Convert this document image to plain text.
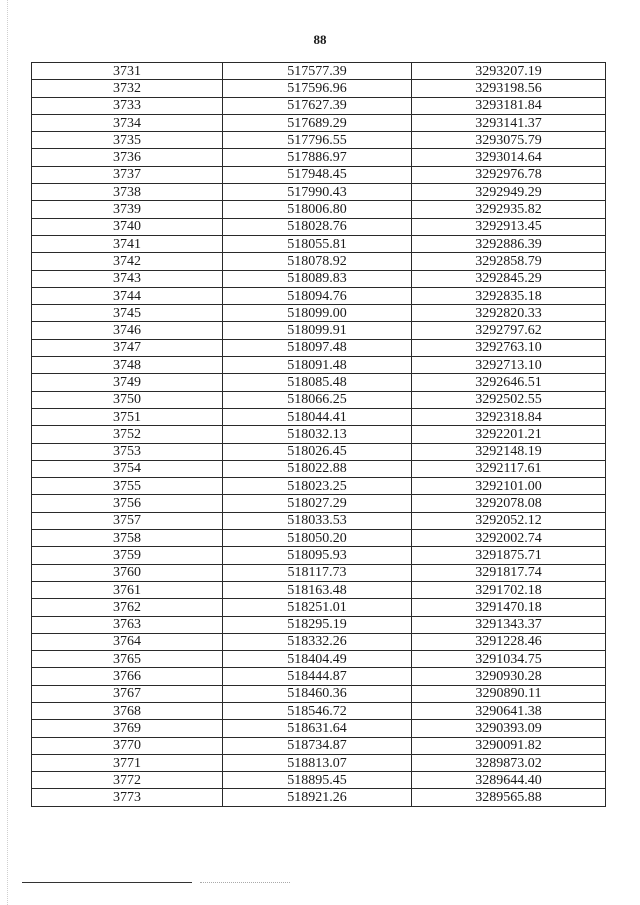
88
3731	517577.39	3293207.19
3732	517596.96	3293198.56
3733	517627.39	3293181.84
3734	517689.29	3293141.37
3735	517796.55	3293075.79
3736	517886.97	3293014.64
3737	517948.45	3292976.78
3738	517990.43	3292949.29
3739	518006.80	3292935.82
3740	518028.76	3292913.45
3741	518055.81	3292886.39
3742	518078.92	3292858.79
3743	518089.83	3292845.29
3744	518094.76	3292835.18
3745	518099.00	3292820.33
3746	518099.91	3292797.62
3747	518097.48	3292763.10
3748	518091.48	3292713.10
3749	518085.48	3292646.51
3750	518066.25	3292502.55
3751	518044.41	3292318.84
3752	518032.13	3292201.21
3753	518026.45	3292148.19
3754	518022.88	3292117.61
3755	518023.25	3292101.00
3756	518027.29	3292078.08
3757	518033.53	3292052.12
3758	518050.20	3292002.74
3759	518095.93	3291875.71
3760	518117.73	3291817.74
3761	518163.48	3291702.18
3762	518251.01	3291470.18
3763	518295.19	3291343.37
3764	518332.26	3291228.46
3765	518404.49	3291034.75
3766	518444.87	3290930.28
3767	518460.36	3290890.11
3768	518546.72	3290641.38
3769	518631.64	3290393.09
3770	518734.87	3290091.82
3771	518813.07	3289873.02
3772	518895.45	3289644.40
3773	518921.26	3289565.88
